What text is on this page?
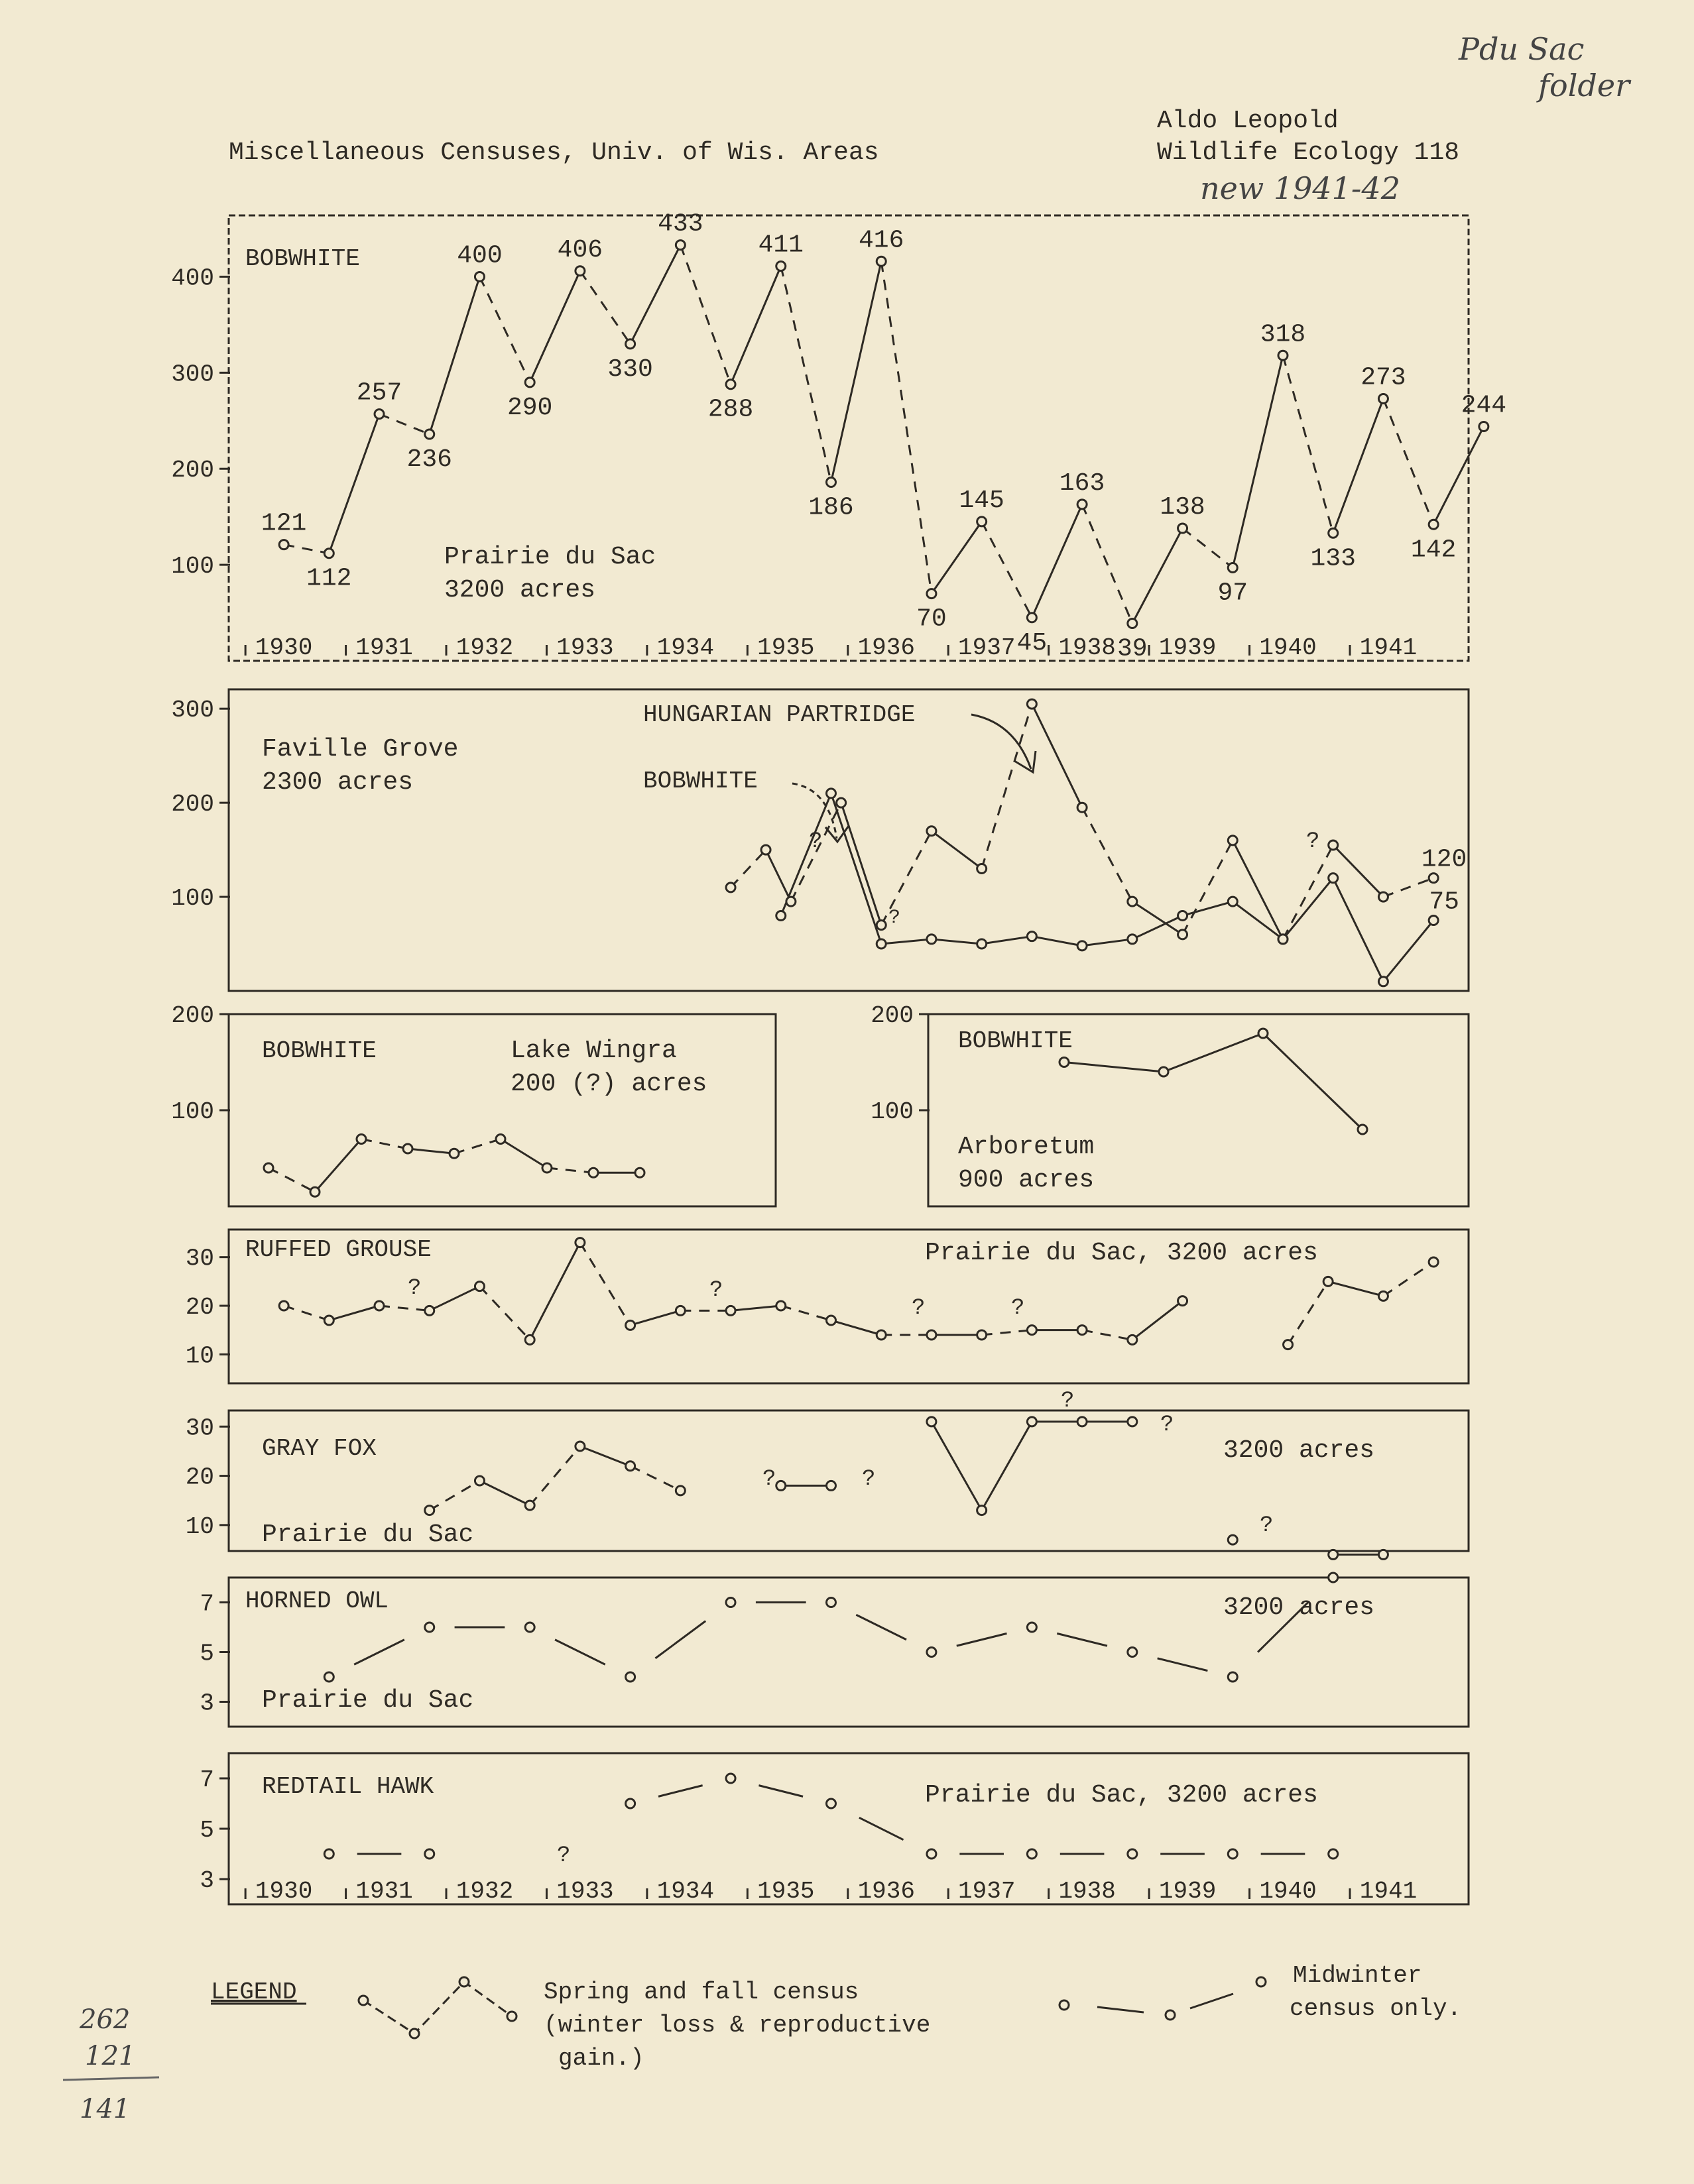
Miscellaneous Censuses, Univ. of Wis. Areas
Aldo Leopold
Wildlife Ecology 118
new 1941-42
Pdu Sac
folder
BOBWHITE
Prairie du Sac
3200 acres
100
200
300
400
1930 1931 1932 1933 1934 1935 1936 1937 1938 1939 1940 1941
121
112
257
236
400
290
406
330
433
288
411
186
416
70
145
45
163
39
138
97
318
133
273
142
244
Faville Grove
2300 acres
HUNGARIAN PARTRIDGE
BOBWHITE
?	?
?
100
200
300
120
75
BOBWHITE	Lake Wingra
200 (?) acres
100
200
BOBWHITE
Arboretum
900 acres
100
200
RUFFED GROUSE	Prairie du Sac, 3200 acres
?	?
?	?
10
20
30
GRAY FOX
Prairie du Sac
3200 acres
?	?
?
?
?
10
20
30
HORNED OWL
Prairie du Sac
3200 acres
3
5
7
REDTAIL HAWK	Prairie du Sac, 3200 acres
?
3
5
7
1930 1931 1932 1933 1934 1935 1936 1937 1938 1939 1940 1941
LEGEND	Spring and fall census
(winter loss & reproductive
gain.)
Midwinter
census only.
262
121
141
